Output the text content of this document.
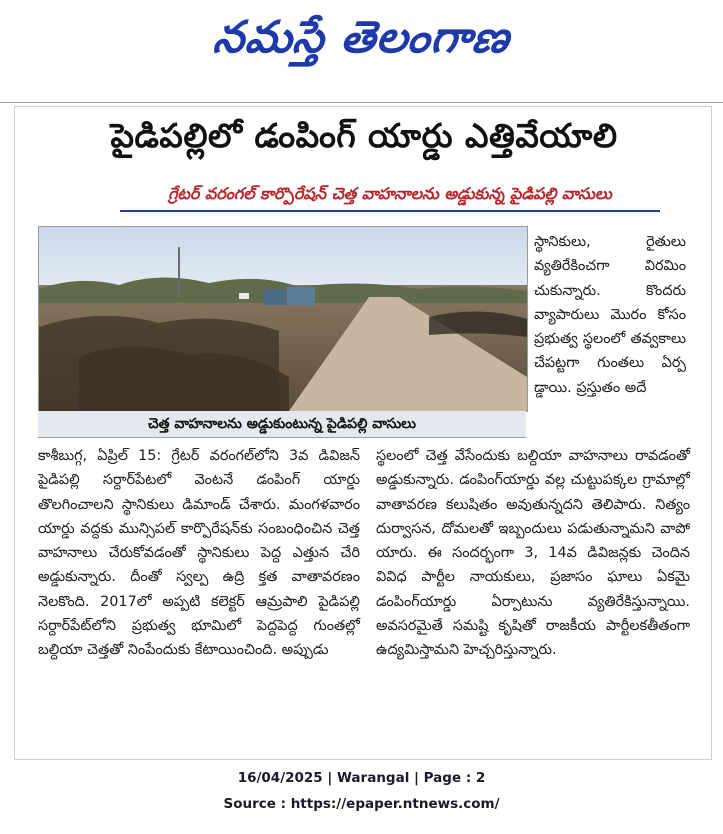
నమస్తే తెలంగాణ
పైడిపల్లిలో డంపింగ్ యార్డు ఎత్తివేయాలి
గ్రేటర్ వరంగల్ కార్పొరేషన్ చెత్త వాహనాలను అడ్డుకున్న పైడిపల్లి వాసులు
చెత్త వాహనాలను అడ్డుకుంటున్న పైడిపల్లి వాసులు

స్థానికులు, రైతులు వ్యతిరేకించగా విరమిం చుకున్నారు. కొందరు వ్యాపారులు మొరం కోసం ప్రభుత్వ స్థలంలో తవ్వకాలు చేపట్టగా గుంతలు ఏర్ప డ్డాయి. ప్రస్తుతం అదే

కాశీబుగ్గ, ఏప్రిల్ 15: గ్రేటర్ వరంగల్‌లోని 3వ డివిజన్ పైడిపల్లి సర్దార్‌పేటలో వెంటనే డంపింగ్ యార్డు తొలగించాలని స్థానికులు డిమాండ్ చేశారు. మంగళవారం యార్డు వద్దకు మున్సిపల్ కార్పొరేషన్‌కు సంబంధించిన చెత్త వాహనాలు చేరుకోవడంతో స్థానికులు పెద్ద ఎత్తున చేరి అడ్డుకున్నారు. దీంతో స్వల్ప ఉద్రి క్తత వాతావరణం నెలకొంది. 2017లో అప్పటి కలెక్టర్ ఆమ్రపాలి పైడిపల్లి సర్దార్‌పేట్‌లోని ప్రభుత్వ భూమిలో పెద్దపెద్ద గుంతల్లో బల్దియా చెత్తతో నింపేందుకు కేటాయించింది. అప్పుడు

స్థలంలో చెత్త వేసేందుకు బల్దియా వాహనాలు రావడంతో అడ్డుకున్నారు. డంపింగ్‌యార్డు వల్ల చుట్టుపక్కల గ్రామాల్లో వాతావరణ కలుషితం అవుతున్నదని తెలిపారు. నిత్యం దుర్వాసన, దోమలతో ఇబ్బందులు పడుతున్నామని వాపో యారు. ఈ సందర్భంగా 3, 14వ డివిజన్లకు చెందిన వివిధ పార్టీల నాయకులు, ప్రజాసం ఘాలు ఏకమై డంపింగ్‌యార్డు ఏర్పాటును వ్యతిరేకిస్తున్నాయి. అవసరమైతే సమష్టి కృషితో రాజకీయ పార్టీలకతీతంగా ఉద్యమిస్తామని హెచ్చరిస్తున్నారు.

16/04/2025 | Warangal | Page : 2
Source : https://epaper.ntnews.com/
